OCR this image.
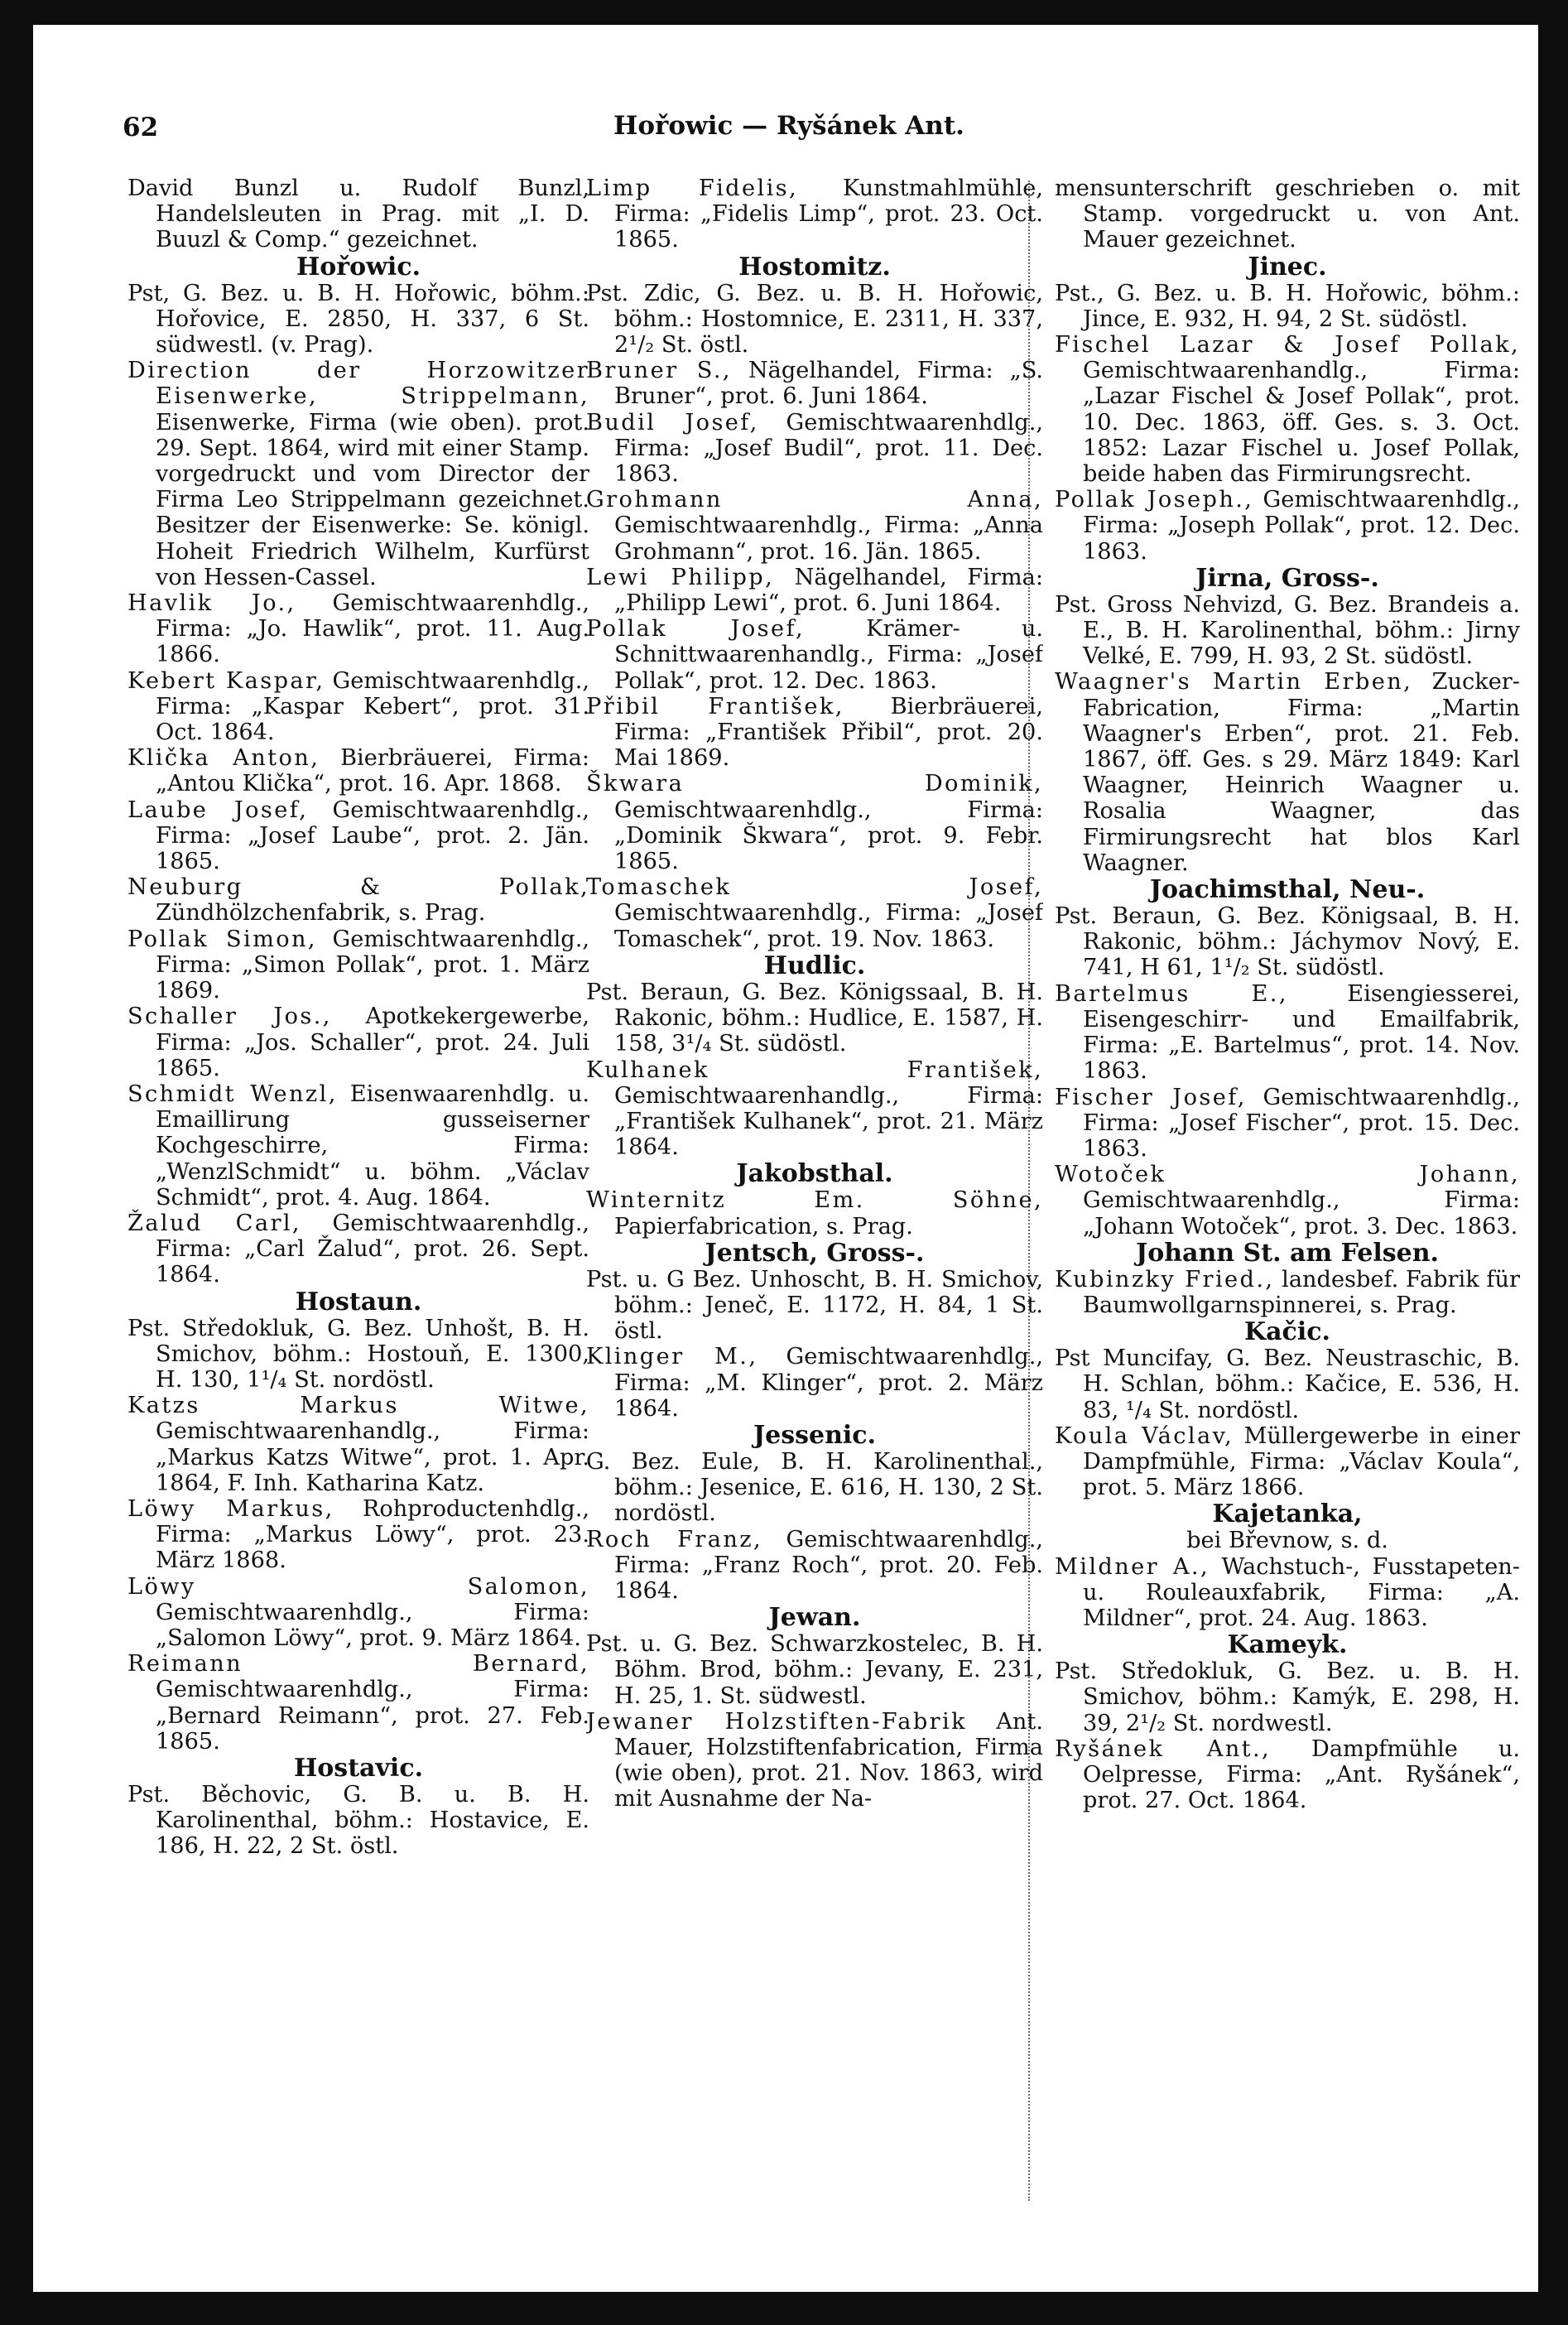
62	Hořowic — Ryšánek Ant.

David Bunzl u. Rudolf Bunzl, Handelsleuten in Prag. mit „I. D. Buuzl & Comp.“ gezeichnet.

Hořowic.

Pst, G. Bez. u. B. H. Hořowic, böhm.: Hořovice, E. 2850, H. 337, 6 St. südwestl. (v. Prag).

Direction der Horzowitzer Eisenwerke, Strippelmann, Eisenwerke, Firma (wie oben). prot. 29. Sept. 1864, wird mit einer Stamp. vorgedruckt und vom Director der Firma Leo Strippelmann gezeichnet. Besitzer der Eisenwerke: Se. königl. Hoheit Friedrich Wilhelm, Kurfürst von Hessen-Cassel.

Havlik Jo., Gemischtwaarenhdlg., Firma: „Jo. Hawlik“, prot. 11. Aug. 1866.

Kebert Kaspar, Gemischtwaarenhdlg., Firma: „Kaspar Kebert“, prot. 31. Oct. 1864.

Klička Anton, Bierbräuerei, Firma: „Antou Klička“, prot. 16. Apr. 1868.

Laube Josef, Gemischtwaarenhdlg., Firma: „Josef Laube“, prot. 2. Jän. 1865.

Neuburg & Pollak, Zündhölzchenfabrik, s. Prag.

Pollak Simon, Gemischtwaarenhdlg., Firma: „Simon Pollak“, prot. 1. März 1869.

Schaller Jos., Apotkekergewerbe, Firma: „Jos. Schaller“, prot. 24. Juli 1865.

Schmidt Wenzl, Eisenwaarenhdlg. u. Emaillirung gusseiserner Kochgeschirre, Firma: „WenzlSchmidt“ u. böhm. „Václav Schmidt“, prot. 4. Aug. 1864.

Žalud Carl, Gemischtwaarenhdlg., Firma: „Carl Žalud“, prot. 26. Sept. 1864.

Hostaun.

Pst. Středokluk, G. Bez. Unhošt, B. H. Smichov, böhm.: Hostouň, E. 1300, H. 130, 1¹/₄ St. nordöstl.

Katzs Markus Witwe, Gemischtwaarenhandlg., Firma: „Markus Katzs Witwe“, prot. 1. Apr. 1864, F. Inh. Katharina Katz.

Löwy Markus, Rohproductenhdlg., Firma: „Markus Löwy“, prot. 23. März 1868.

Löwy Salomon, Gemischtwaarenhdlg., Firma: „Salomon Löwy“, prot. 9. März 1864.

Reimann Bernard, Gemischtwaarenhdlg., Firma: „Bernard Reimann“, prot. 27. Feb. 1865.

Hostavic.

Pst. Běchovic, G. B. u. B. H. Karolinenthal, böhm.: Hostavice, E. 186, H. 22, 2 St. östl.

Limp Fidelis, Kunstmahlmühle, Firma: „Fidelis Limp“, prot. 23. Oct. 1865.

Hostomitz.

Pst. Zdic, G. Bez. u. B. H. Hořowic, böhm.: Hostomnice, E. 2311, H. 337, 2¹/₂ St. östl.

Bruner S., Nägelhandel, Firma: „S. Bruner“, prot. 6. Juni 1864.

Budil Josef, Gemischtwaarenhdlg., Firma: „Josef Budil“, prot. 11. Dec. 1863.

Grohmann Anna, Gemischtwaarenhdlg., Firma: „Anna Grohmann“, prot. 16. Jän. 1865.

Lewi Philipp, Nägelhandel, Firma: „Philipp Lewi“, prot. 6. Juni 1864.

Pollak Josef, Krämer- u. Schnittwaarenhandlg., Firma: „Josef Pollak“, prot. 12. Dec. 1863.

Přibil František, Bierbräuerei, Firma: „František Přibil“, prot. 20. Mai 1869.

Škwara Dominik, Gemischtwaarenhdlg., Firma: „Dominik Škwara“, prot. 9. Febr. 1865.

Tomaschek Josef, Gemischtwaarenhdlg., Firma: „Josef Tomaschek“, prot. 19. Nov. 1863.

Hudlic.

Pst. Beraun, G. Bez. Königssaal, B. H. Rakonic, böhm.: Hudlice, E. 1587, H. 158, 3¹/₄ St. südöstl.

Kulhanek František, Gemischtwaarenhandlg., Firma: „František Kulhanek“, prot. 21. März 1864.

Jakobsthal.

Winternitz Em. Söhne, Papierfabrication, s. Prag.

Jentsch, Gross-.

Pst. u. G Bez. Unhoscht, B. H. Smichov, böhm.: Jeneč, E. 1172, H. 84, 1 St. östl.

Klinger M., Gemischtwaarenhdlg., Firma: „M. Klinger“, prot. 2. März 1864.

Jessenic.

G. Bez. Eule, B. H. Karolinenthal., böhm.: Jesenice, E. 616, H. 130, 2 St. nordöstl.

Roch Franz, Gemischtwaarenhdlg., Firma: „Franz Roch“, prot. 20. Feb. 1864.

Jewan.

Pst. u. G. Bez. Schwarzkostelec, B. H. Böhm. Brod, böhm.: Jevany, E. 231, H. 25, 1. St. südwestl.

Jewaner Holzstiften-Fabrik Ant. Mauer, Holzstiftenfabrication, Firma (wie oben), prot. 21. Nov. 1863, wird mit Ausnahme der Na-

mensunterschrift geschrieben o. mit Stamp. vorgedruckt u. von Ant. Mauer gezeichnet.

Jinec.

Pst., G. Bez. u. B. H. Hořowic, böhm.: Jince, E. 932, H. 94, 2 St. südöstl.

Fischel Lazar & Josef Pollak, Gemischtwaarenhandlg., Firma: „Lazar Fischel & Josef Pollak“, prot. 10. Dec. 1863, öff. Ges. s. 3. Oct. 1852: Lazar Fischel u. Josef Pollak, beide haben das Firmirungsrecht.

Pollak Joseph., Gemischtwaarenhdlg., Firma: „Joseph Pollak“, prot. 12. Dec. 1863.

Jirna, Gross-.

Pst. Gross Nehvizd, G. Bez. Brandeis a. E., B. H. Karolinenthal, böhm.: Jirny Velké, E. 799, H. 93, 2 St. südöstl.

Waagner's Martin Erben, Zucker-Fabrication, Firma: „Martin Waagner's Erben“, prot. 21. Feb. 1867, öff. Ges. s 29. März 1849: Karl Waagner, Heinrich Waagner u. Rosalia Waagner, das Firmirungsrecht hat blos Karl Waagner.

Joachimsthal, Neu-.

Pst. Beraun, G. Bez. Königsaal, B. H. Rakonic, böhm.: Jáchymov Nový, E. 741, H 61, 1¹/₂ St. südöstl.

Bartelmus E., Eisengiesserei, Eisengeschirr- und Emailfabrik, Firma: „E. Bartelmus“, prot. 14. Nov. 1863.

Fischer Josef, Gemischtwaarenhdlg., Firma: „Josef Fischer“, prot. 15. Dec. 1863.

Wotoček Johann, Gemischtwaarenhdlg., Firma: „Johann Wotoček“, prot. 3. Dec. 1863.

Johann St. am Felsen.

Kubinzky Fried., landesbef. Fabrik für Baumwollgarnspinnerei, s. Prag.

Kačic.

Pst Muncifay, G. Bez. Neustraschic, B. H. Schlan, böhm.: Kačice, E. 536, H. 83, ¹/₄ St. nordöstl.

Koula Václav, Müllergewerbe in einer Dampfmühle, Firma: „Václav Koula“, prot. 5. März 1866.

Kajetanka,

bei Břevnow, s. d.

Mildner A., Wachstuch-, Fusstapeten- u. Rouleauxfabrik, Firma: „A. Mildner“, prot. 24. Aug. 1863.

Kameyk.

Pst. Středokluk, G. Bez. u. B. H. Smichov, böhm.: Kamýk, E. 298, H. 39, 2¹/₂ St. nordwestl.

Ryšánek Ant., Dampfmühle u. Oelpresse, Firma: „Ant. Ryšánek“, prot. 27. Oct. 1864.
